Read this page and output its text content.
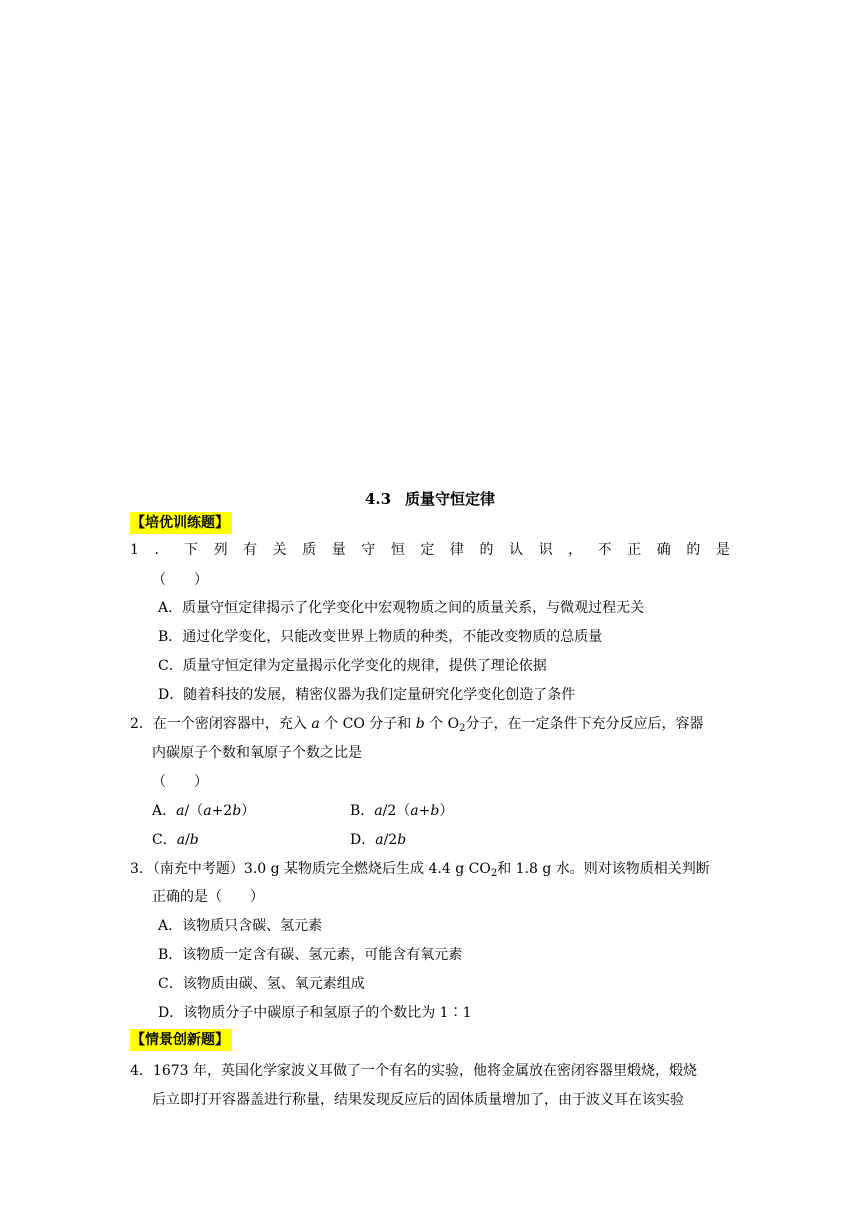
4.3 质量守恒定律
【培优训练题】
1 ． 下 列 有 关 质 量 守 恒 定 律 的 认 识 ， 不 正 确 的 是
（　　）
A．质量守恒定律揭示了化学变化中宏观物质之间的质量关系，与微观过程无关
B．通过化学变化，只能改变世界上物质的种类，不能改变物质的总质量
C．质量守恒定律为定量揭示化学变化的规律，提供了理论依据
D．随着科技的发展，精密仪器为我们定量研究化学变化创造了条件
2．在一个密闭容器中，充入 a 个 CO 分子和 b 个 $O_2$分子，在一定条件下充分反应后，容器
内碳原子个数和氧原子个数之比是
（　　）
A．a/（a+2b）	B．a/2（a+b）
C．a/b	D．a/2b
3．（南充中考题）3.0 g 某物质完全燃烧后生成 4.4 g $CO_2$和 1.8 g 水。则对该物质相关判断
正确的是（　　）
A．该物质只含碳、氢元素
B．该物质一定含有碳、氢元素，可能含有氧元素
C．该物质由碳、氢、氧元素组成
D．该物质分子中碳原子和氢原子的个数比为 1∶1
【情景创新题】
4．1673 年，英国化学家波义耳做了一个有名的实验，他将金属放在密闭容器里煅烧，煅烧
后立即打开容器盖进行称量，结果发现反应后的固体质量增加了，由于波义耳在该实验
